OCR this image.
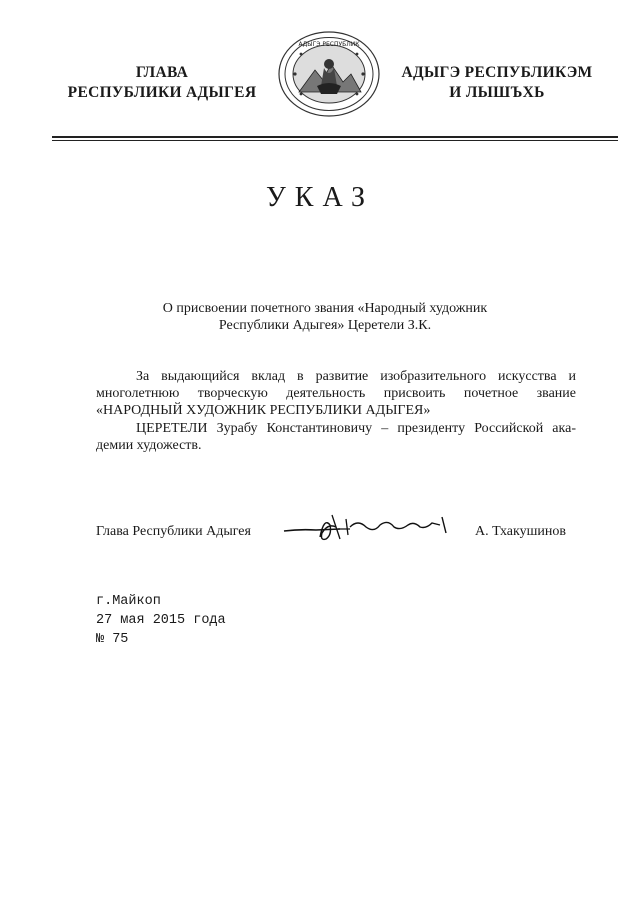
ГЛАВА
РЕСПУБЛИКИ АДЫГЕЯ
АДЫГЭ РЕСПУБЛИК
АДЫГЭ РЕСПУБЛИКЭМ
И ЛЫШЪХЬ
УКАЗ
О присвоении почетного звания «Народный художник
Республики Адыгея» Церетели З.К.
За выдающийся вклад в развитие изобразительного искусства и
многолетнюю творческую деятельность присвоить почетное звание
«НАРОДНЫЙ ХУДОЖНИК РЕСПУБЛИКИ АДЫГЕЯ»
ЦЕРЕТЕЛИ Зурабу Константиновичу – президенту Российской ака-
демии художеств.
Глава Республики Адыгея	А. Тхакушинов
г.Майкоп
27 мая 2015 года
№ 75
